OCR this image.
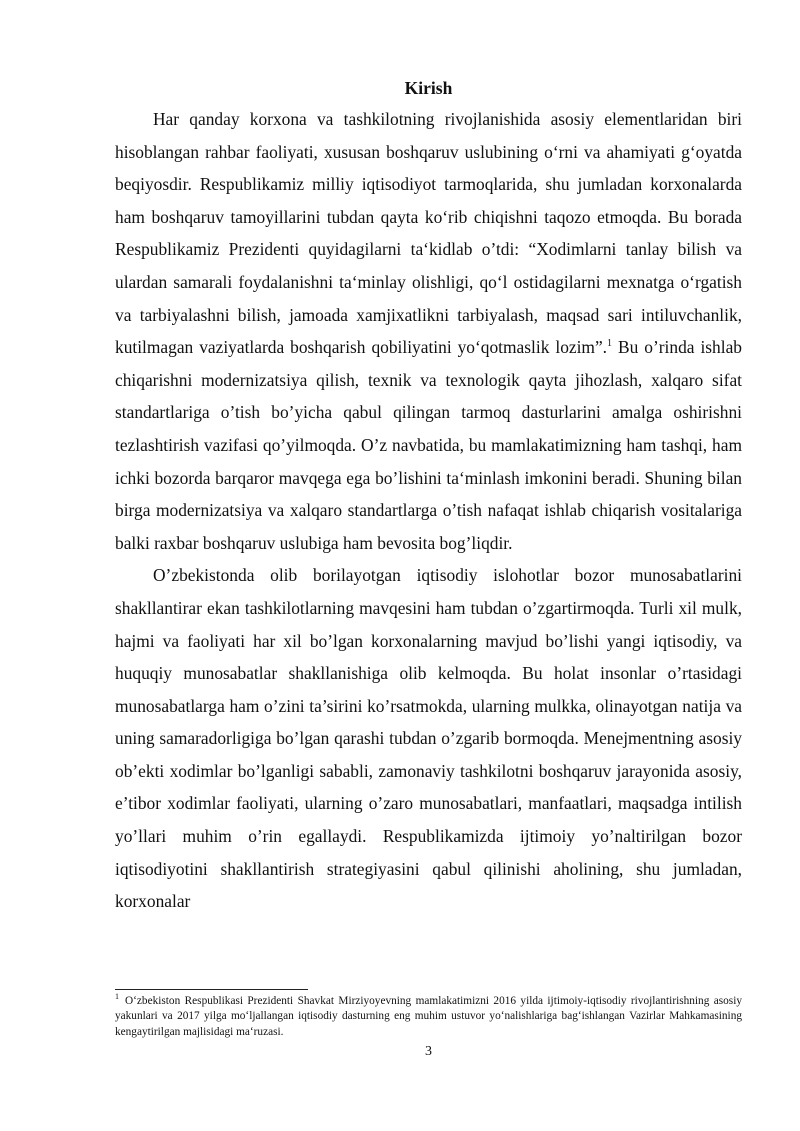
Kirish

Har qanday korxona va tashkilotning rivojlanishida asosiy elementlaridan biri hisoblangan rahbar faoliyati, xususan boshqaruv uslubining o‘rni va ahamiyati g‘oyatda beqiyosdir. Respublikamiz milliy iqtisodiyot tarmoqlarida, shu jumladan korxonalarda ham boshqaruv tamoyillarini tubdan qayta ko‘rib chiqishni taqozo etmoqda. Bu borada Respublikamiz Prezidenti quyidagilarni ta‘kidlab o’tdi: “Xodimlarni tanlay bilish va ulardan samarali foydalanishni ta‘minlay olishligi, qo‘l ostidagilarni mexnatga o‘rgatish va tarbiyalashni bilish, jamoada xamjixatlikni tarbiyalash, maqsad sari intiluvchanlik, kutilmagan vaziyatlarda boshqarish qobiliyatini yo‘qotmaslik lozim”.$^1$ Bu o’rinda ishlab chiqarishni modernizatsiya qilish, texnik va texnologik qayta jihozlash, xalqaro sifat standartlariga o’tish bo’yicha qabul qilingan tarmoq dasturlarini amalga oshirishni tezlashtirish vazifasi qo’yilmoqda. O’z navbatida, bu mamlakatimizning ham tashqi, ham ichki bozorda barqaror mavqega ega bo’lishini ta‘minlash imkonini beradi. Shuning bilan birga modernizatsiya va xalqaro standartlarga o’tish nafaqat ishlab chiqarish vositalariga balki raxbar boshqaruv uslubiga ham bevosita bog’liqdir.

O’zbekistonda olib borilayotgan iqtisodiy islohotlar bozor munosabatlarini shakllantirar ekan tashkilotlarning mavqesini ham tubdan o’zgartirmoqda. Turli xil mulk, hajmi va faoliyati har xil bo’lgan korxonalarning mavjud bo’lishi yangi iqtisodiy, va huquqiy munosabatlar shakllanishiga olib kelmoqda. Bu holat insonlar o’rtasidagi munosabatlarga ham o’zini ta’sirini ko’rsatmokda, ularning mulkka, olinayotgan natija va uning samaradorligiga bo’lgan qarashi tubdan o’zgarib bormoqda. Menejmentning asosiy ob’ekti xodimlar bo’lganligi sababli, zamonaviy tashkilotni boshqaruv jarayonida asosiy, e’tibor xodimlar faoliyati, ularning o’zaro munosabatlari, manfaatlari, maqsadga intilish yo’llari muhim o’rin egallaydi. Respublikamizda ijtimoiy yo’naltirilgan bozor iqtisodiyotini shakllantirish strategiyasini qabul qilinishi aholining, shu jumladan, korxonalar

$^1$ O‘zbekiston Respublikasi Prezidenti Shavkat Mirziyoyevning mamlakatimizni 2016 yilda ijtimoiy-iqtisodiy rivojlantirishning asosiy yakunlari va 2017 yilga mo‘ljallangan iqtisodiy dasturning eng muhim ustuvor yo‘nalishlariga bag‘ishlangan Vazirlar Mahkamasining kengaytirilgan majlisidagi ma‘ruzasi.
3
